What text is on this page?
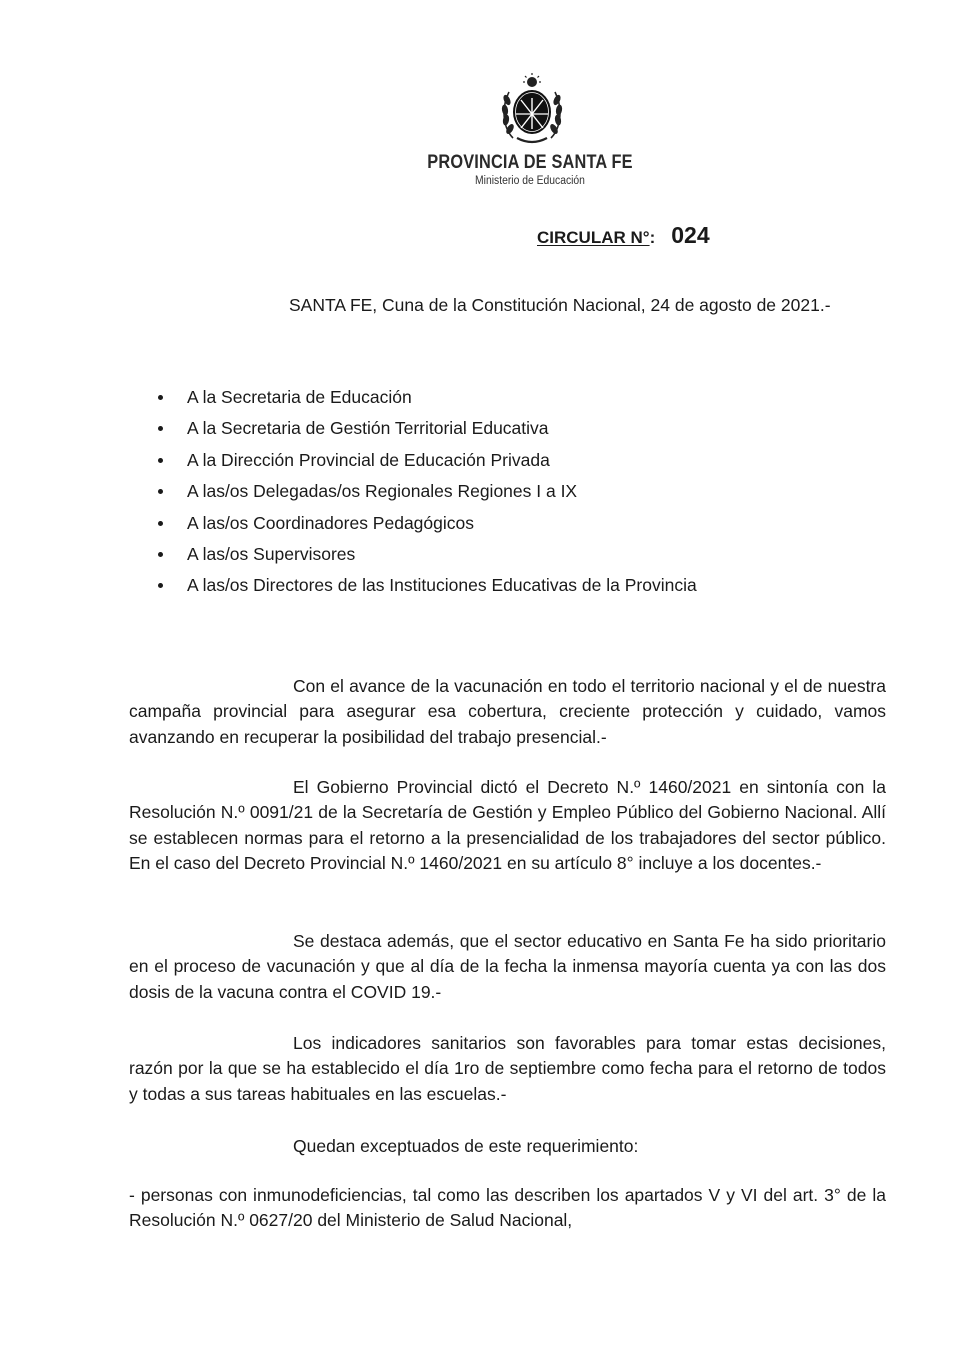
PROVINCIA DE SANTA FE
Ministerio de Educación
CIRCULAR N°: 024
SANTA FE, Cuna de la Constitución Nacional, 24 de agosto de 2021.-
A la Secretaria de Educación
A la Secretaria de Gestión Territorial Educativa
A la Dirección Provincial de Educación Privada
A las/os Delegadas/os Regionales Regiones I a IX
A las/os Coordinadores Pedagógicos
A las/os Supervisores
A las/os Directores de las Instituciones Educativas de la Provincia

Con el avance de la vacunación en todo el territorio nacional y el de nuestra campaña provincial para asegurar esa cobertura, creciente protección y cuidado, vamos avanzando en recuperar la posibilidad del trabajo presencial.-

El Gobierno Provincial dictó el Decreto N.º 1460/2021 en sintonía con la Resolución N.º 0091/21 de la Secretaría de Gestión y Empleo Público del Gobierno Nacional. Allí se establecen normas para el retorno a la presencialidad de los trabajadores del sector público. En el caso del Decreto Provincial N.º 1460/2021 en su artículo 8° incluye a los docentes.-

Se destaca además, que el sector educativo en Santa Fe ha sido prioritario en el proceso de vacunación y que al día de la fecha la inmensa mayoría cuenta ya con las dos dosis de la vacuna contra el COVID 19.-

Los indicadores sanitarios son favorables para tomar estas decisiones, razón por la que se ha establecido el día 1ro de septiembre como fecha para el retorno de todos y todas a sus tareas habituales en las escuelas.-

Quedan exceptuados de este requerimiento:

- personas con inmunodeficiencias, tal como las describen los apartados V y VI del art. 3° de la Resolución N.º 0627/20 del Ministerio de Salud Nacional,
